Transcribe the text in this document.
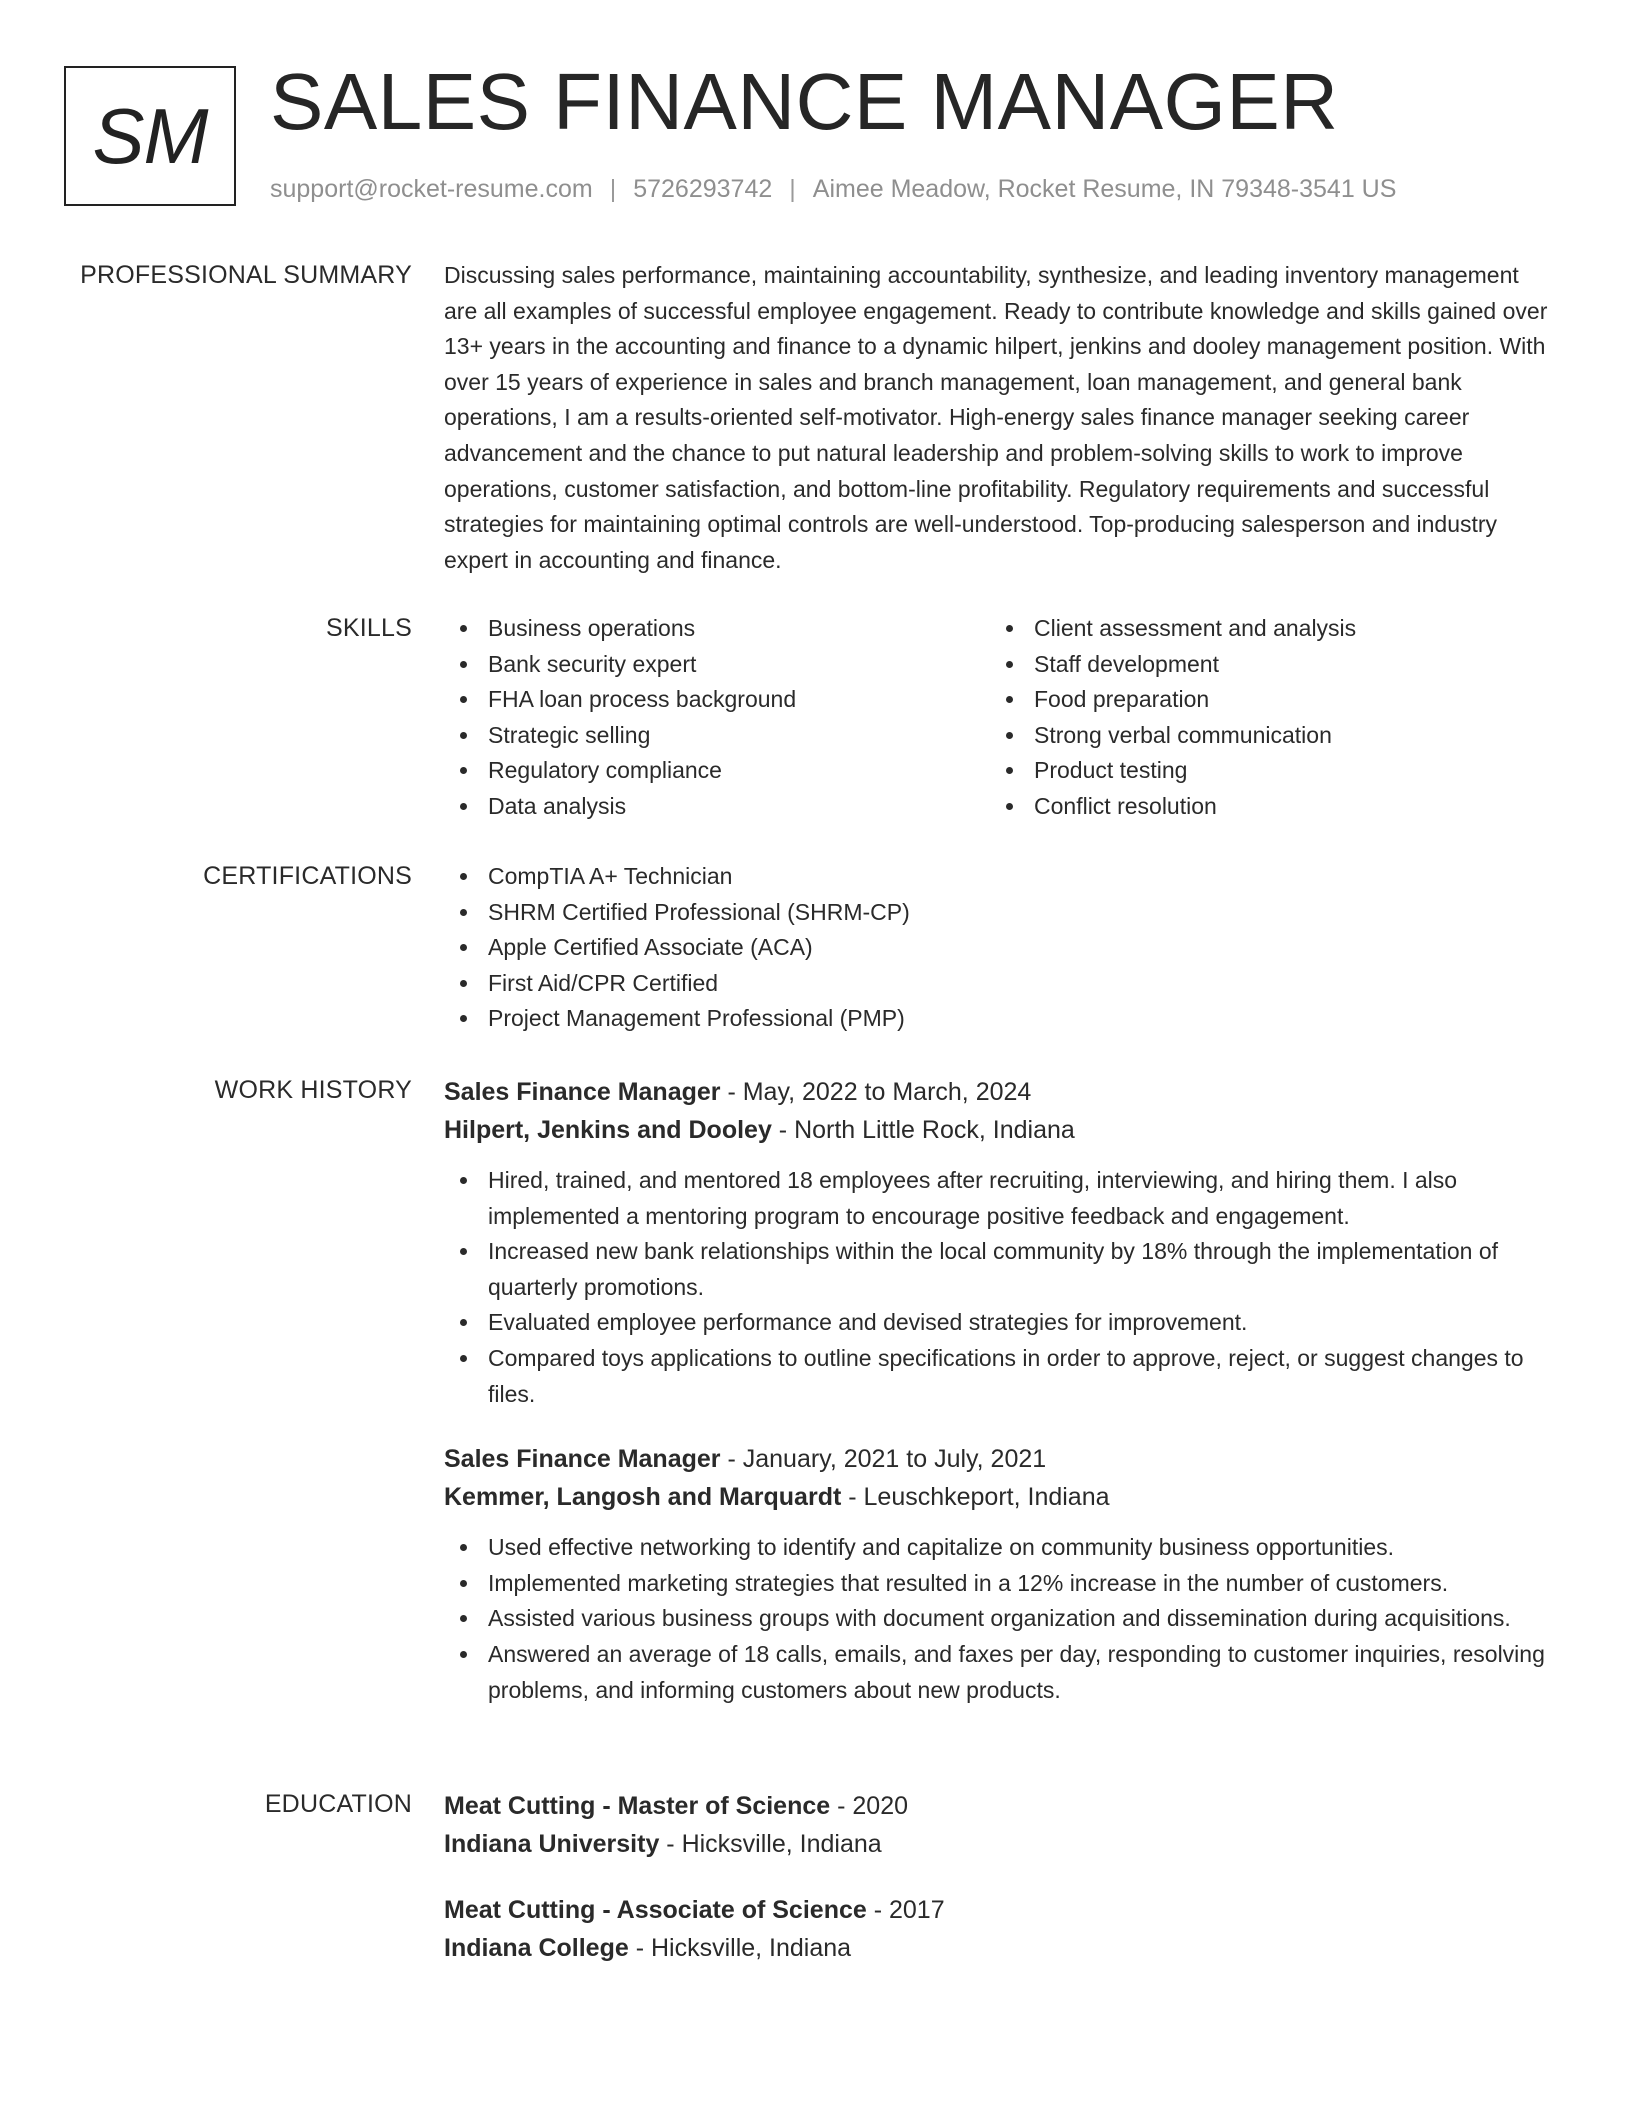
SM SALES FINANCE MANAGER
support@rocket-resume.com | 5726293742 | Aimee Meadow, Rocket Resume, IN 79348-3541 US
PROFESSIONAL SUMMARY Discussing sales performance, maintaining accountability, synthesize, and leading inventory management are all examples of successful employee engagement. Ready to contribute knowledge and skills gained over 13+ years in the accounting and finance to a dynamic hilpert, jenkins and dooley management position. With over 15 years of experience in sales and branch management, loan management, and general bank operations, I am a results-oriented self-motivator. High-energy sales finance manager seeking career advancement and the chance to put natural leadership and problem-solving skills to work to improve operations, customer satisfaction, and bottom-line profitability. Regulatory requirements and successful strategies for maintaining optimal controls are well-understood. Top-producing salesperson and industry expert in accounting and finance.

SKILLS	Business operations
Bank security expert
FHA loan process background
Strategic selling
Regulatory compliance
Data analysis
Client assessment and analysis
Staff development
Food preparation
Strong verbal communication
Product testing
Conflict resolution
CERTIFICATIONS	CompTIA A+ Technician
SHRM Certified Professional (SHRM-CP)
Apple Certified Associate (ACA)
First Aid/CPR Certified
Project Management Professional (PMP)
WORK HISTORY Sales Finance Manager - May, 2022 to March, 2024
Hilpert, Jenkins and Dooley - North Little Rock, Indiana
Hired, trained, and mentored 18 employees after recruiting, interviewing, and hiring them. I also implemented a mentoring program to encourage positive feedback and engagement.
Increased new bank relationships within the local community by 18% through the implementation of quarterly promotions.
Evaluated employee performance and devised strategies for improvement.
Compared toys applications to outline specifications in order to approve, reject, or suggest changes to files.
Sales Finance Manager - January, 2021 to July, 2021
Kemmer, Langosh and Marquardt - Leuschkeport, Indiana
Used effective networking to identify and capitalize on community business opportunities.
Implemented marketing strategies that resulted in a 12% increase in the number of customers.
Assisted various business groups with document organization and dissemination during acquisitions.
Answered an average of 18 calls, emails, and faxes per day, responding to customer inquiries, resolving problems, and informing customers about new products.
EDUCATION Meat Cutting - Master of Science - 2020
Indiana University - Hicksville, Indiana
Meat Cutting - Associate of Science - 2017
Indiana College - Hicksville, Indiana
